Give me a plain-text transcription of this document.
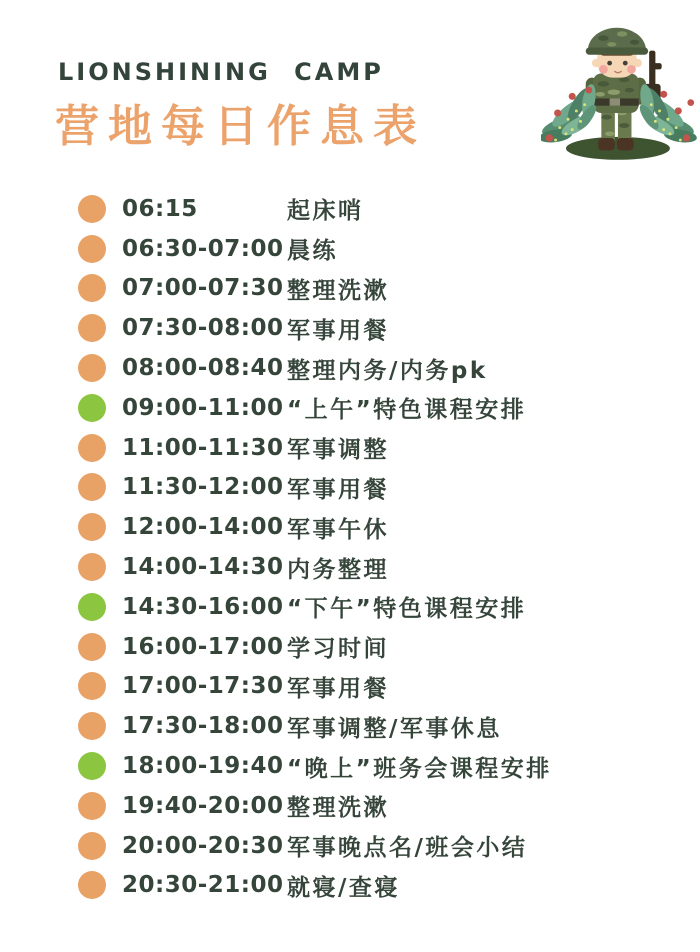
LIONSHINING CAMP
营地每日作息表
06:15	起床哨
06:30-07:00 晨练
07:00-07:30 整理洗漱
07:30-08:00 军事用餐
08:00-08:40 整理内务/内务pk
09:00-11:00 “上午”特色课程安排
11:00-11:30 军事调整
11:30-12:00 军事用餐
12:00-14:00 军事午休
14:00-14:30 内务整理
14:30-16:00 “下午”特色课程安排
16:00-17:00 学习时间
17:00-17:30 军事用餐
17:30-18:00 军事调整/军事休息
18:00-19:40 “晚上”班务会课程安排
19:40-20:00 整理洗漱
20:00-20:30 军事晚点名/班会小结
20:30-21:00 就寝/查寝
